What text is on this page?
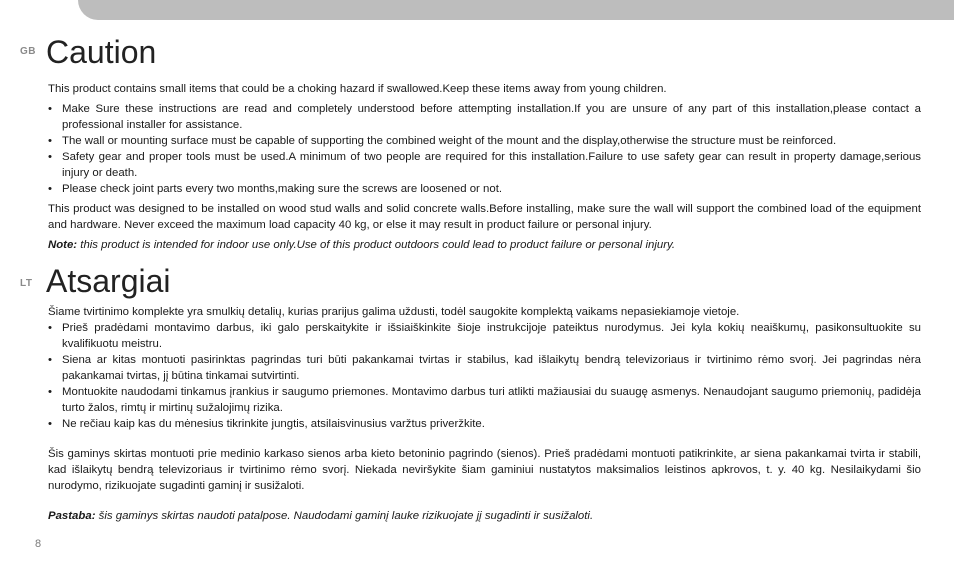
GB Caution

This product contains small items that could be a choking hazard if swallowed.Keep these items away from young children.

• Make Sure these instructions are read and completely understood before attempting installation.If you are unsure of any part of this installation,please contact a professional installer for assistance.
• The wall or mounting surface must be capable of supporting the combined weight of the mount and the display,otherwise the structure must be reinforced.
• Safety gear and proper tools must be used.A minimum of two people are required for this installation.Failure to use safety gear can result in property damage,serious injury or death.
• Please check joint parts every two months,making sure the screws are loosened or not.

This product was designed to be installed on wood stud walls and solid concrete walls.Before installing, make sure the wall will support the combined load of the equipment and hardware. Never exceed the maximum load capacity 40 kg, or else it may result in product failure or personal injury.

Note: this product is intended for indoor use only.Use of this product outdoors could lead to product failure or personal injury.

LT Atsargiai

Šiame tvirtinimo komplekte yra smulkių detalių, kurias prarijus galima uždusti, todėl saugokite komplektą vaikams nepasiekiamoje vietoje.

• Prieš pradėdami montavimo darbus, iki galo perskaitykite ir išsiaiškinkite šioje instrukcijoje pateiktus nurodymus. Jei kyla kokių neaiškumų, pasikonsultuokite su kvalifikuotu meistru.
• Siena ar kitas montuoti pasirinktas pagrindas turi būti pakankamai tvirtas ir stabilus, kad išlaikytų bendrą televizoriaus ir tvirtinimo rėmo svorį. Jei pagrindas nėra pakankamai tvirtas, jį būtina tinkamai sutvirtinti.
• Montuokite naudodami tinkamus įrankius ir saugumo priemones. Montavimo darbus turi atlikti mažiausiai du suaugę asmenys. Nenaudojant saugumo priemonių, padidėja turto žalos, rimtų ir mirtinų sužalojimų rizika.
• Ne rečiau kaip kas du mėnesius tikrinkite jungtis, atsilaisvinusius varžtus priveržkite.

Šis gaminys skirtas montuoti prie medinio karkaso sienos arba kieto betoninio pagrindo (sienos). Prieš pradėdami montuoti patikrinkite, ar siena pakankamai tvirta ir stabili, kad išlaikytų bendrą televizoriaus ir tvirtinimo rėmo svorį. Niekada neviršykite šiam gaminiui nustatytos maksimalios leistinos apkrovos, t. y. 40 kg. Nesilaikydami šio nurodymo, rizikuojate sugadinti gaminį ir susižaloti.

Pastaba: šis gaminys skirtas naudoti patalpose. Naudodami gaminį lauke rizikuojate jį sugadinti ir susižaloti.

8
